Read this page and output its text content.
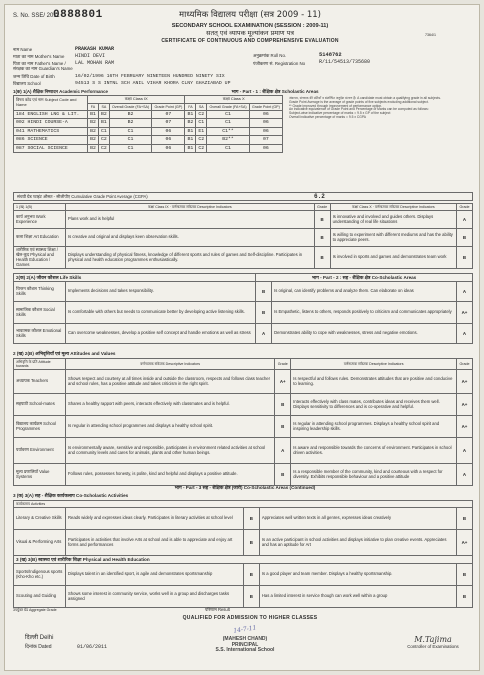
S. No. SSE/ 2011
0888801
7364/1
माध्यमिक विद्यालय परीक्षा (सत्र 2009 - 11)
SECONDARY SCHOOL EXAMINATION (SESSION : 2009-11)
सतत् एवं व्यापक मूल्यांकन प्रमाण पत्र
CERTIFICATE OF CONTINUOUS AND COMPREHENSIVE EVALUATION
नाम Name	PRAKASH KUMAR
माता का नाम Mother's Name HINDI DEVI
पिता का नाम Father's Name / संरक्षक का नाम Guardian's Name
LAL MOHAN RAM
जन्म तिथि Date of Birth	16/02/1996 16TH FEBRUARY NINETEEN HUNDRED NINETY SIX
विद्यालय School	94513 S S INTNL SCH ANIL VIHAR KHORA CLNY GHAZIABAD UP
अनुक्रमांक Roll No.	5148762
पंजीकरण सं. Registration No	R/11/54513/735680
1(क) 1(A) शैक्षिक निष्पादन Academic Performance	भाग - Part - 1 : शैक्षिक क्षेत्र Scholastic Areas
विषय कोड एवं नाम Subject Code and Name	कक्षा Class IX				कक्षा Class X			
	FA	SA	Overall Grade (FA+SA)	Grade Point (GP)	FA	SA	Overall Grade (FA+SA)	Grade Point (GP)
184 ENGLISH LNG & LIT.	B1	B2	B2	07	B1	C2	C1	06
002 HINDI COURSE-A	B2	B1	B2	07	B2	C1	C1	06
041 MATHEMATICS	B2	C1	C1	06	B1	E1	C1**	06
086 SCIENCE	B2	C2	C1	06	B1	C2	B2**	07
087 SOCIAL SCIENCE	B2	C2	C1	06	B1	C2	C1	06
अंकपत्र, संगणक की प्रतियाँ व संशोधित अनुदेश संलग्न हैं। A candidate must obtain a qualifying grade in all subjects.
Grade Point Average is the average of grade points of five subjects excluding additional subject.
** Grade improved through improvement of performance option.
An indicative equivalence of Grade Point and Percentage of Marks can be computed as follows:
Subject-wise indicative percentage of marks = 9.5 x GP of the subject
Overall indicative percentage of marks = 9.5 x CGPA
संचयी ग्रेड प्वाइंट औसत - सीजीपीए Cumulative Grade Point Average (CGPA)	6.2
1 (ख) 1(B)	कक्षा Class IX · वर्णनात्मक संकेतक Descriptive Indicators	Grade	कक्षा Class X · वर्णनात्मक संकेतक Descriptive Indicators	Grade
कार्य अनुभव Work Experience	Plans work and is helpful	B	Is innovative and involved and guides others. Displays understanding of real life situations	A
कला शिक्षा Art Education	Is creative and original and displays keen observation skills.	B	Is willing to experiment with different mediums and has the ability to appreciate peers.	B
शारीरिक एवं स्वास्थ्य शिक्षा / खेल-कूद Physical and Health Education / Games	Displays understanding of physical fitness, knowledge of different sports and rules of games and Self-discipline. Participates in physical and health education programmes enthusiastically.	B	Is involved in sports and games and demonstrates team work	B
2(क) 2(A) जीवन कौशल Life Skills		भाग - Part - 2 : सह - शैक्षिक क्षेत्र Co-Scholastic Areas		
चिन्तन कौशल Thinking Skills	Implements decisions and takes responsibility.	B	Is original, can identify problems and analyze them. Can elaborate on ideas	A
सामाजिक कौशल Social Skills	Is comfortable with others but needs to communicate better by developing active listening skills.	B	Is Empathetic, listens to others, responds positively to criticism and communicates appropriately	A+
भावात्मक कौशल Emotional Skills	Can overcome weaknesses, develop a positive self concept and handle emotions as well as stress	A	Demonstrates ability to cope with weaknesses, stress and negative emotions.	A
2 (ख) 2(B) अभिवृत्तियाँ एवं मूल्य Attitudes and Values
अभिवृत्ति के प्रति Attitude towards	वर्णनात्मक संकेतक Descriptive Indicators	Grade	वर्णनात्मक संकेतक Descriptive Indicators	Grade
अध्यापक Teachers	Shows respect and courtesy at all times inside and outside the classroom, respects and follows class teacher and school rules, has a positive attitude and takes criticism in the right spirit.	A+	Is respectful and follows rules. Demonstrates attitudes that are positive and conducive to learning.	A+
सहपाठी School-mates	Shares a healthy rapport with peers, interacts effectively with classmates and is helpful.	B	Interacts effectively with class mates, contributes ideas and receives them well. Displays sensitivity to differences and is co-operative and helpful.	A+
विद्यालय कार्यक्रम School Programmes	Is regular in attending school programmes and displays a healthy school spirit.	B	Is regular in attending school programmes. Displays a healthy school spirit and inspiring leadership skills.	A+
पर्यावरण Environment	Is environmentally aware, sensitive and responsible, participates in environment related activities at school and community levels and cares for animals, plants and other human beings.	A	Is aware and responsible towards the concerns of environment. Participates in school driven activities.	A
मूल्य प्रणालियाँ Value Systems	Follows rules, possesses honesty, is polite, kind and helpful and displays a positive attitude.	B	Is a responsible member of the community, kind and courteous with a respect for diversity. Exhibits responsible behaviour and a positive attitude	A
भाग - Part - 3 सह - शैक्षिक क्षेत्र (जारी) Co-Scholastic Areas (Continued)
3 (क) 3(A) सह - शैक्षिक कार्यकलाप Co-Scholastic Activities
कार्यकलाप Activities				
Literary & Creative Skills	Reads widely and expresses ideas clearly. Participates in literary activities at school level	B	Appreciates well written texts in all genres, expresses ideas creatively	B
Visual & Performing Arts	Participates in activities that involve Arts at school and is able to appreciate and enjoy art forms and performances	B	Is an active participant in school activities and displays initiative to plan creative events. Appreciates and has an aptitude for Art	A+
3 (ख) 3(B) स्वास्थ्य एवं शारीरिक शिक्षा Physical and Health Education				
Sports/Indigenous sports (Kho-Kho etc.)	Displays talent in an identified sport, is agile and demonstrates sportsmanship	B	Is a good player and team member. Displays a healthy sportsmanship.	B
Scouting and Guiding	Shows some interest in community service, works well in a group and discharges tasks assigned	B	Has a limited interest in service though can work well within a group	B
उपर्युक्त ग्रेड Aggregate Grade	परिणाम Result
QUALIFIED FOR ADMISSION TO HIGHER CLASSES
दिल्ली Delhi
दिनांक Dated	01/06/2011
14-7-11
(MAHESH CHAND)
PRINCIPAL
S.S. International School
M.Tajima
Controller of Examinations
